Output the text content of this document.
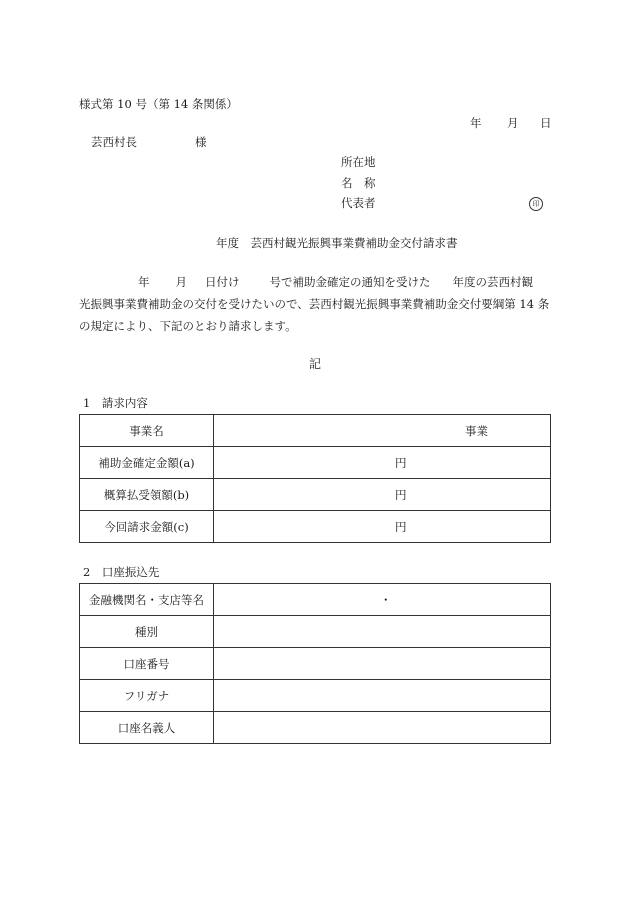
様式第 10 号（第 14 条関係）
年 月 日
芸西村長	様
所在地
名　称
代表者	印
年度　芸西村観光振興事業費補助金交付請求書
年 月 日付け	号で補助金確定の通知を受けた 年度の芸西村観
光振興事業費補助金の交付を受けたいので、芸西村観光振興事業費補助金交付要綱第 14 条
の規定により、下記のとおり請求します。
記
1　請求内容
事業名	事業
補助金確定金額(a)	円
概算払受領額(b)	円
今回請求金額(c)	円
2　口座振込先
金融機関名・支店等名	・
種別	
口座番号	
フリガナ	
口座名義人	
